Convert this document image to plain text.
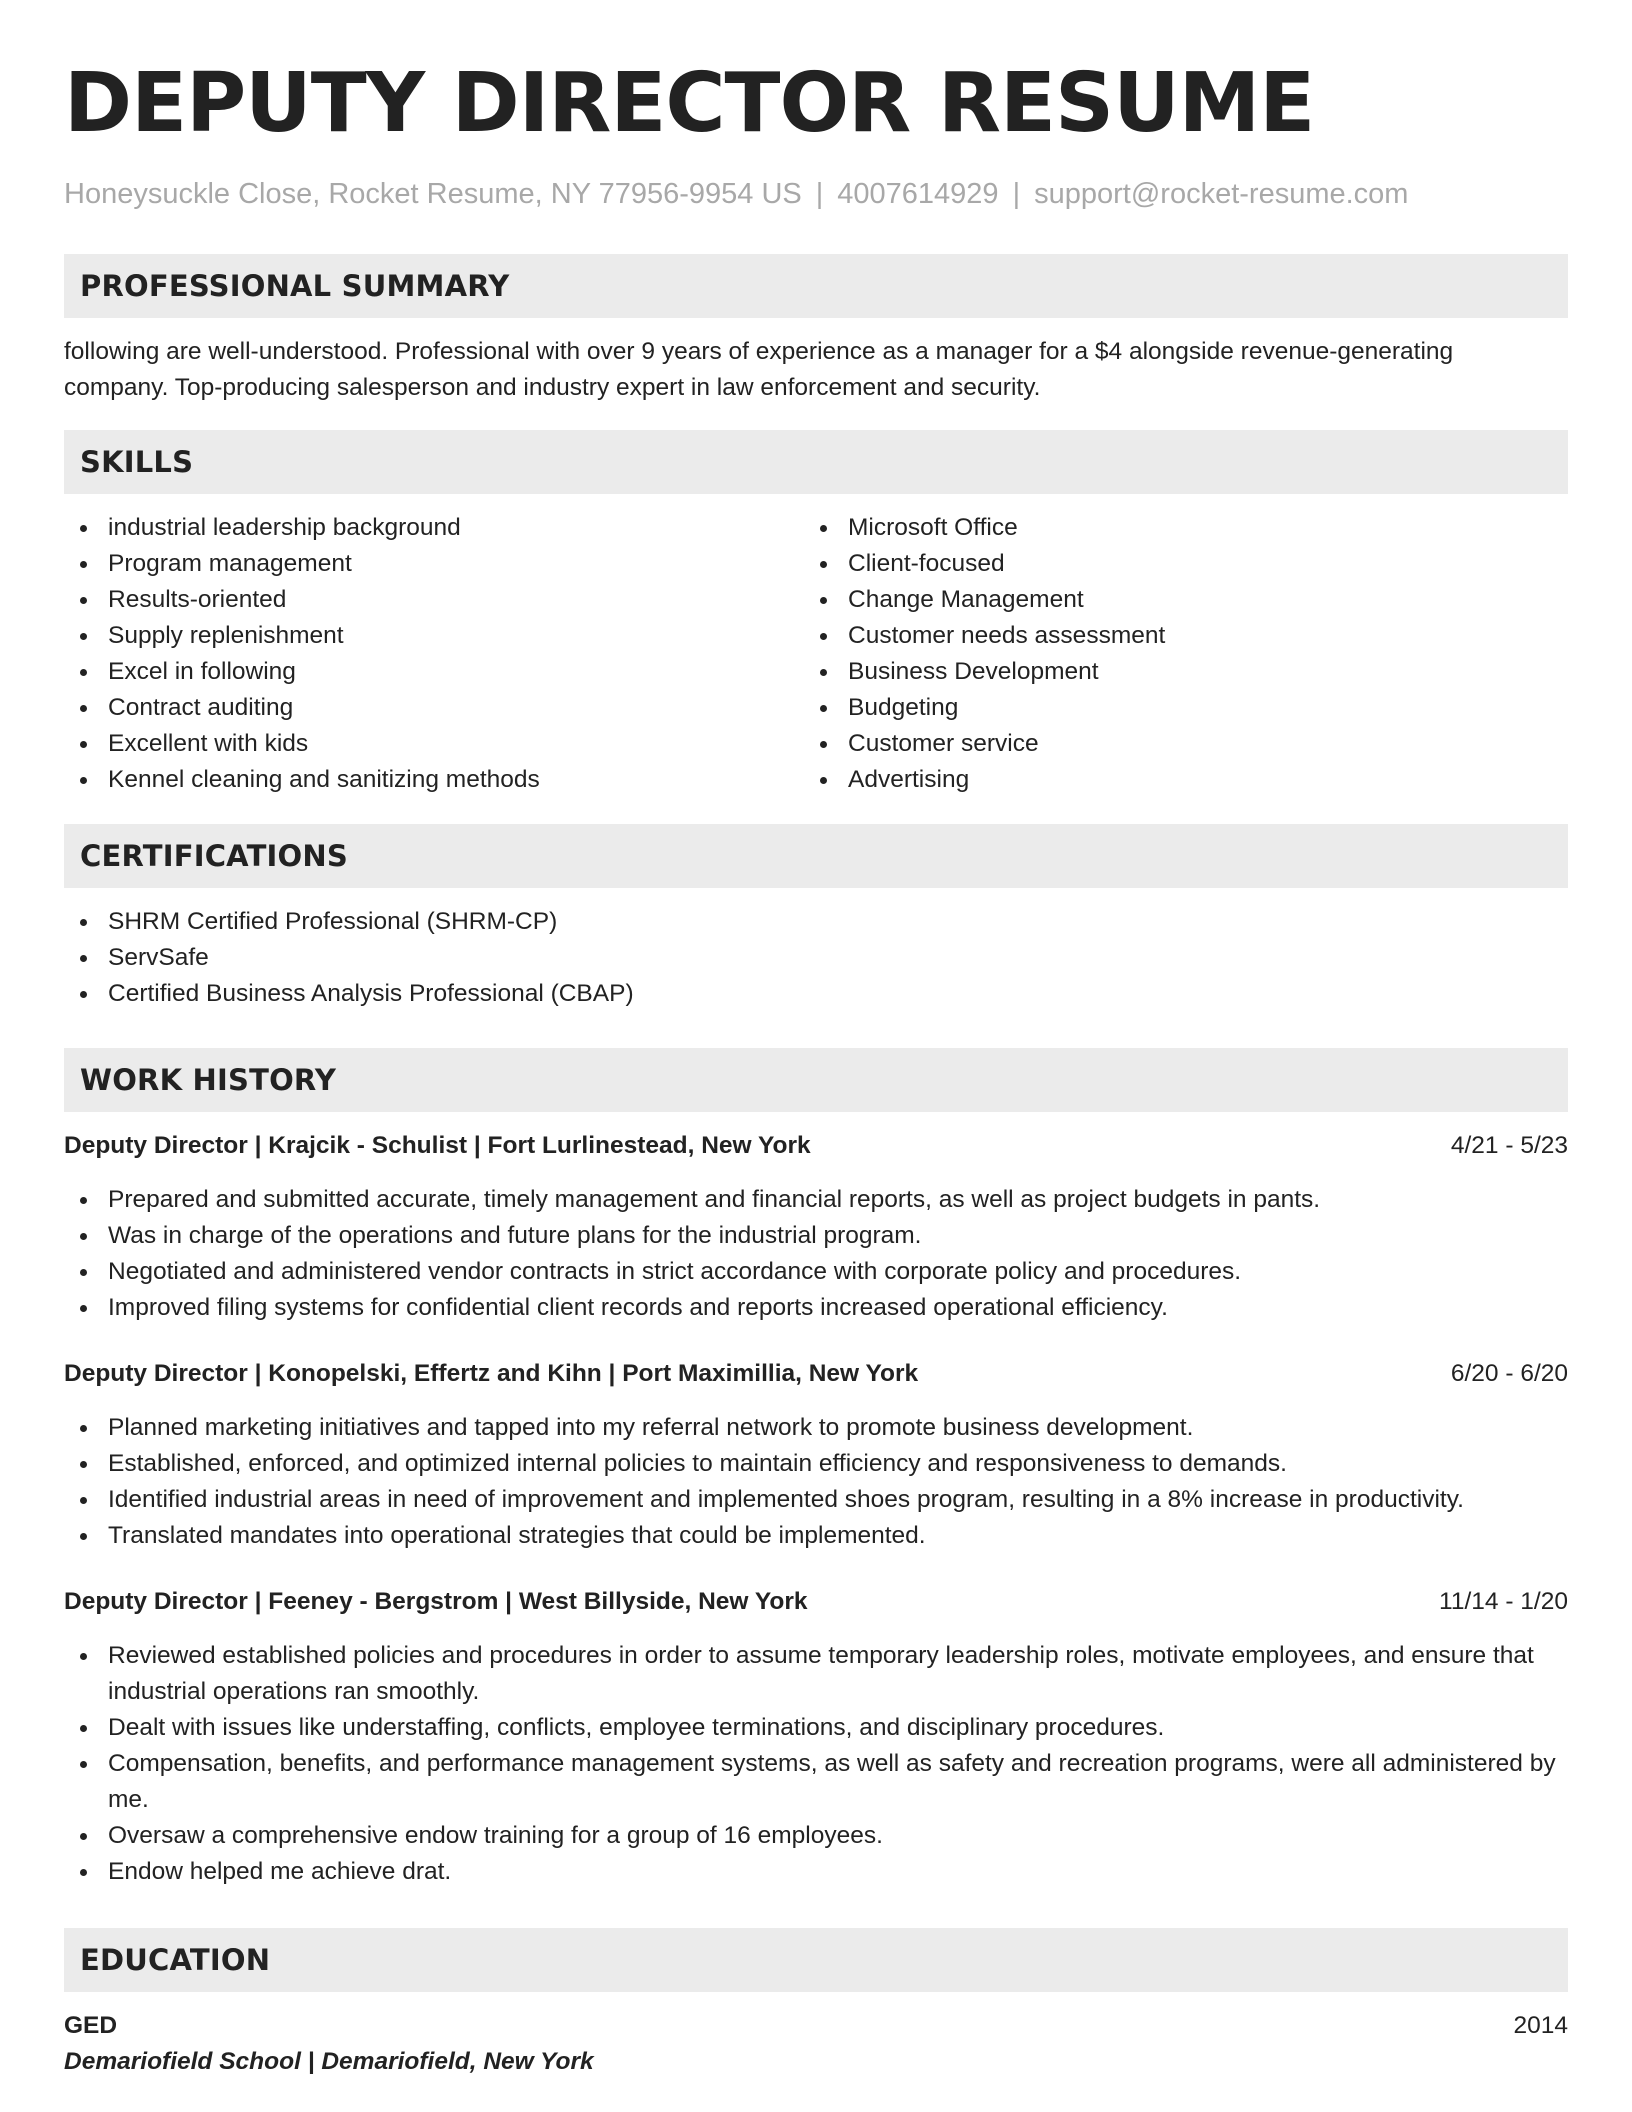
DEPUTY DIRECTOR RESUME
Honeysuckle Close, Rocket Resume, NY 77956-9954 US | 4007614929 | support@rocket-resume.com
PROFESSIONAL SUMMARY
following are well-understood. Professional with over 9 years of experience as a manager for a $4 alongside revenue-generating company. Top-producing salesperson and industry expert in law enforcement and security.
SKILLS
industrial leadership background
Program management
Results-oriented
Supply replenishment
Excel in following
Contract auditing
Excellent with kids
Kennel cleaning and sanitizing methods
Microsoft Office
Client-focused
Change Management
Customer needs assessment
Business Development
Budgeting
Customer service
Advertising
CERTIFICATIONS
SHRM Certified Professional (SHRM-CP)
ServSafe
Certified Business Analysis Professional (CBAP)
WORK HISTORY
Deputy Director | Krajcik - Schulist | Fort Lurlinestead, New York	4/21 - 5/23
Prepared and submitted accurate, timely management and financial reports, as well as project budgets in pants.
Was in charge of the operations and future plans for the industrial program.
Negotiated and administered vendor contracts in strict accordance with corporate policy and procedures.
Improved filing systems for confidential client records and reports increased operational efficiency.
Deputy Director | Konopelski, Effertz and Kihn | Port Maximillia, New York	6/20 - 6/20
Planned marketing initiatives and tapped into my referral network to promote business development.
Established, enforced, and optimized internal policies to maintain efficiency and responsiveness to demands.
Identified industrial areas in need of improvement and implemented shoes program, resulting in a 8% increase in productivity.
Translated mandates into operational strategies that could be implemented.
Deputy Director | Feeney - Bergstrom | West Billyside, New York	11/14 - 1/20
Reviewed established policies and procedures in order to assume temporary leadership roles, motivate employees, and ensure that industrial operations ran smoothly.
Dealt with issues like understaffing, conflicts, employee terminations, and disciplinary procedures.
Compensation, benefits, and performance management systems, as well as safety and recreation programs, were all administered by me.
Oversaw a comprehensive endow training for a group of 16 employees.
Endow helped me achieve drat.
EDUCATION
GED	2014
Demariofield School | Demariofield, New York
